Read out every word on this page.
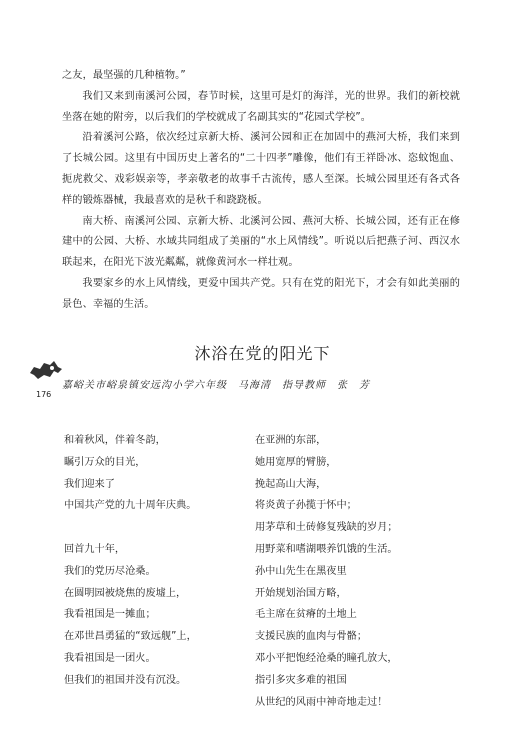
之友，最坚强的几种植物。”

我们又来到南溪河公园，春节时候，这里可是灯的海洋，光的世界。我们的新校就坐落在她的附旁，以后我们的学校就成了名副其实的“花园式学校”。

沿着溪河公路，依次经过京新大桥、溪河公园和正在加固中的燕河大桥，我们来到了长城公园。这里有中国历史上著名的“二十四孝”雕像，他们有王祥卧冰、恣蚊饱血、扼虎救父、戏彩娱亲等，孝亲敬老的故事千古流传，感人至深。长城公园里还有各式各样的锻炼器械，我最喜欢的是秋千和跷跷板。

南大桥、南溪河公园、京新大桥、北溪河公园、燕河大桥、长城公园，还有正在修建中的公园、大桥、水域共同组成了美丽的“水上风情线”。听说以后把燕子河、西汉水联起来，在阳光下波光粼粼，就像黄河水一样壮观。

我要家乡的水上风情线，更爱中国共产党。只有在党的阳光下，才会有如此美丽的景色、幸福的生活。

沐浴在党的阳光下
176
嘉峪关市峪泉镇安远沟小学六年级　马海清　指导教师　张　芳
和着秋风，伴着冬韵，
瞩引万众的目光，
我们迎来了
中国共产党的九十周年庆典。
回首九十年，
我们的党历尽沧桑。
在圆明园被烧焦的废墟上，
我看祖国是一摊血；
在邓世昌勇猛的“致远舰”上，
我看祖国是一团火。
但我们的祖国并没有沉没。
在亚洲的东部，
她用宽厚的臂膀，
挽起高山大海，
将炎黄子孙揽于怀中；
用茅草和土砖修复残缺的岁月；
用野菜和嗜湖喂养饥饿的生活。
孙中山先生在黑夜里
开始规划治国方略，
毛主席在贫瘠的土地上
支援民族的血肉与骨骼；
邓小平把饱经沧桑的瞳孔放大，
指引多灾多难的祖国
从世纪的风雨中神奇地走过！
